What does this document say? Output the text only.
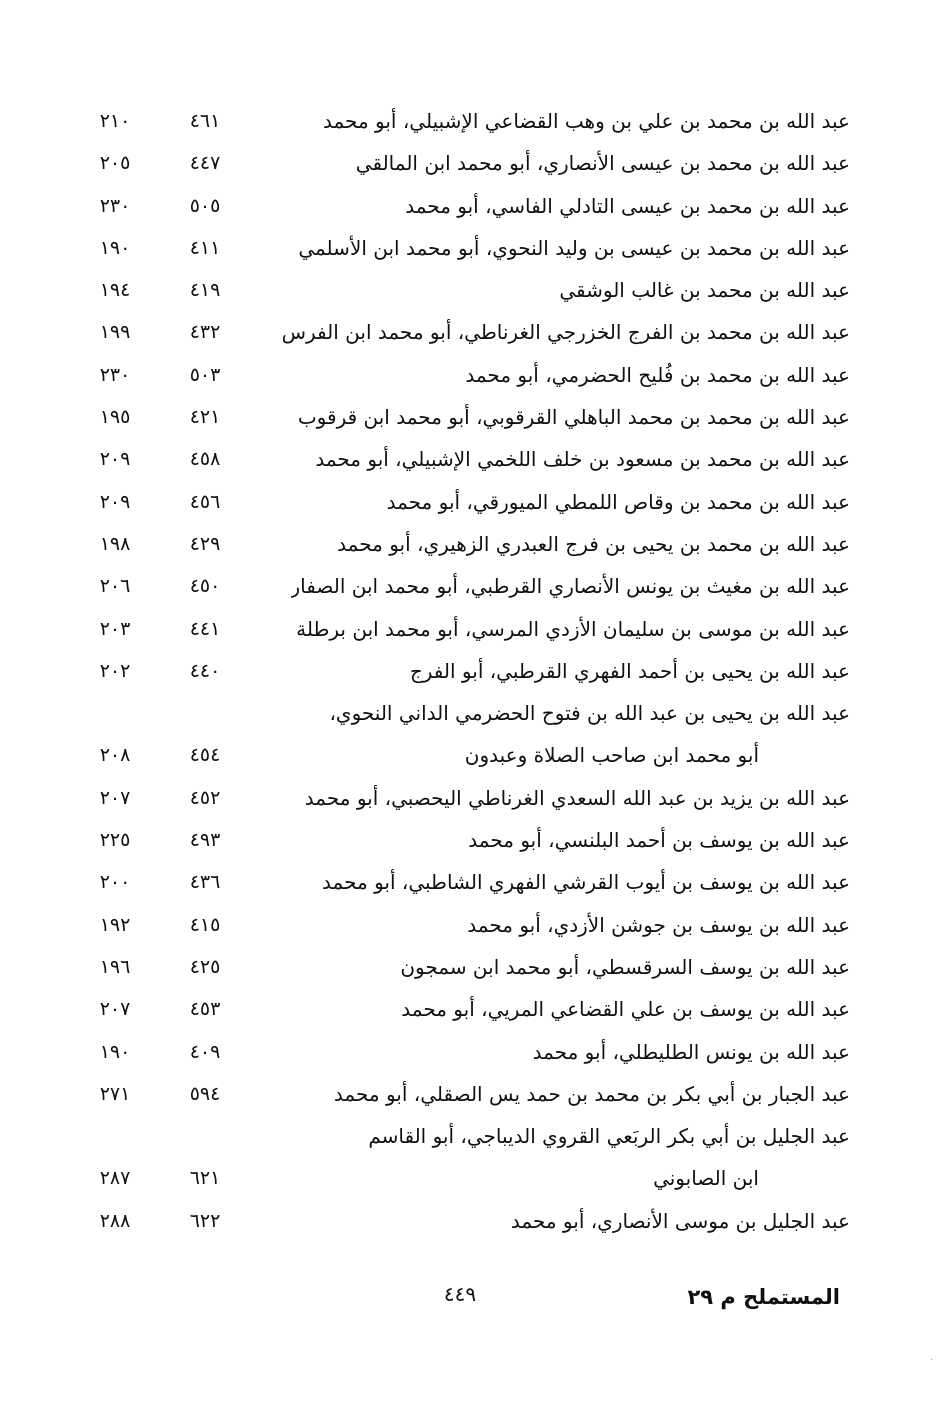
عبد الله بن محمد بن علي بن وهب القضاعي الإشبيلي، أبو محمد
٤٦١
٢١٠
عبد الله بن محمد بن عيسى الأنصاري، أبو محمد ابن المالقي
٤٤٧
٢٠٥
عبد الله بن محمد بن عيسى التادلي الفاسي، أبو محمد
٥٠٥
٢٣٠
عبد الله بن محمد بن عيسى بن وليد النحوي، أبو محمد ابن الأسلمي
٤١١
١٩٠
عبد الله بن محمد بن غالب الوشقي
٤١٩
١٩٤
عبد الله بن محمد بن الفرج الخزرجي الغرناطي، أبو محمد ابن الفرس
٤٣٢
١٩٩
عبد الله بن محمد بن فُليح الحضرمي، أبو محمد
٥٠٣
٢٣٠
عبد الله بن محمد بن محمد الباهلي القرقوبي، أبو محمد ابن قرقوب
٤٢١
١٩٥
عبد الله بن محمد بن مسعود بن خلف اللخمي الإشبيلي، أبو محمد
٤٥٨
٢٠٩
عبد الله بن محمد بن وقاص اللمطي الميورقي، أبو محمد
٤٥٦
٢٠٩
عبد الله بن محمد بن يحيى بن فرج العبدري الزهيري، أبو محمد
٤٢٩
١٩٨
عبد الله بن مغيث بن يونس الأنصاري القرطبي، أبو محمد ابن الصفار
٤٥٠
٢٠٦
عبد الله بن موسى بن سليمان الأزدي المرسي، أبو محمد ابن برطلة
٤٤١
٢٠٣
عبد الله بن يحيى بن أحمد الفهري القرطبي، أبو الفرج
٤٤٠
٢٠٢
عبد الله بن يحيى بن عبد الله بن فتوح الحضرمي الداني النحوي،
أبو محمد ابن صاحب الصلاة وعبدون
٤٥٤
٢٠٨
عبد الله بن يزيد بن عبد الله السعدي الغرناطي اليحصبي، أبو محمد
٤٥٢
٢٠٧
عبد الله بن يوسف بن أحمد البلنسي، أبو محمد
٤٩٣
٢٢٥
عبد الله بن يوسف بن أيوب القرشي الفهري الشاطبي، أبو محمد
٤٣٦
٢٠٠
عبد الله بن يوسف بن جوشن الأزدي، أبو محمد
٤١٥
١٩٢
عبد الله بن يوسف السرقسطي، أبو محمد ابن سمجون
٤٢٥
١٩٦
عبد الله بن يوسف بن علي القضاعي المريي، أبو محمد
٤٥٣
٢٠٧
عبد الله بن يونس الطليطلي، أبو محمد
٤٠٩
١٩٠
عبد الجبار بن أبي بكر بن محمد بن حمد يس الصقلي، أبو محمد
٥٩٤
٢٧١
عبد الجليل بن أبي بكر الربَعي القروي الديباجي، أبو القاسم
ابن الصابوني
٦٢١
٢٨٧
عبد الجليل بن موسى الأنصاري، أبو محمد
٦٢٢
٢٨٨
٤٤٩	المستملح م ٢٩
·
